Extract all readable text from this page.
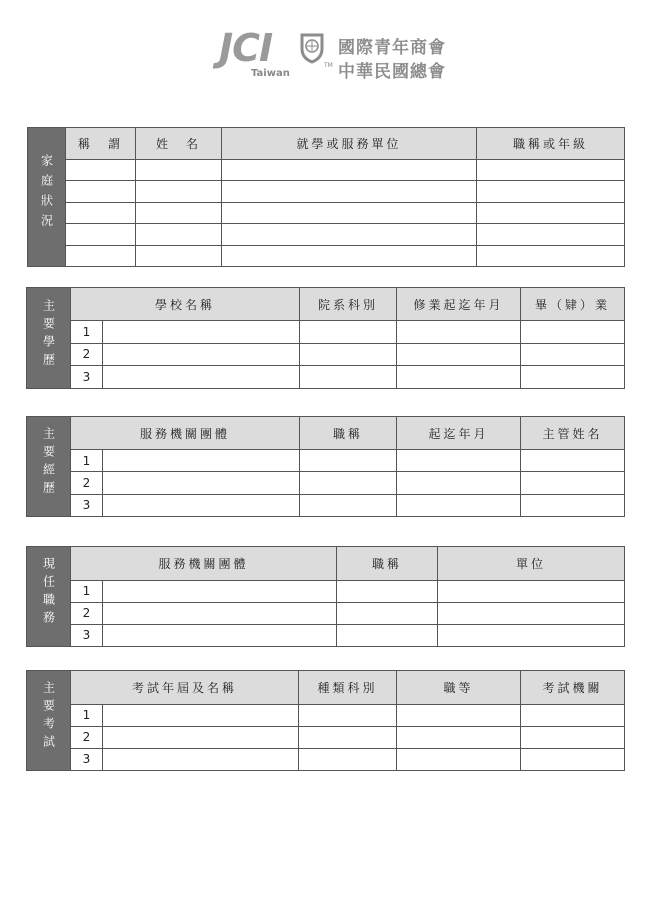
JCI
Taiwan
TM
國際青年商會
中華民國總會
家庭狀況	稱　謂	姓　名	就學或服務單位	職稱或年級

主要學歷	學校名稱		院系科別	修業起迄年月	畢（肄）業
	1				
	2				
	3				
主要經歷	服務機關團體		職稱	起迄年月	主管姓名
	1				
	2				
	3				
現任職務	服務機關團體		職稱	單位
	1			
	2			
	3			
主要考試	考試年屆及名稱		種類科別	職等	考試機關
	1				
	2				
	3				
